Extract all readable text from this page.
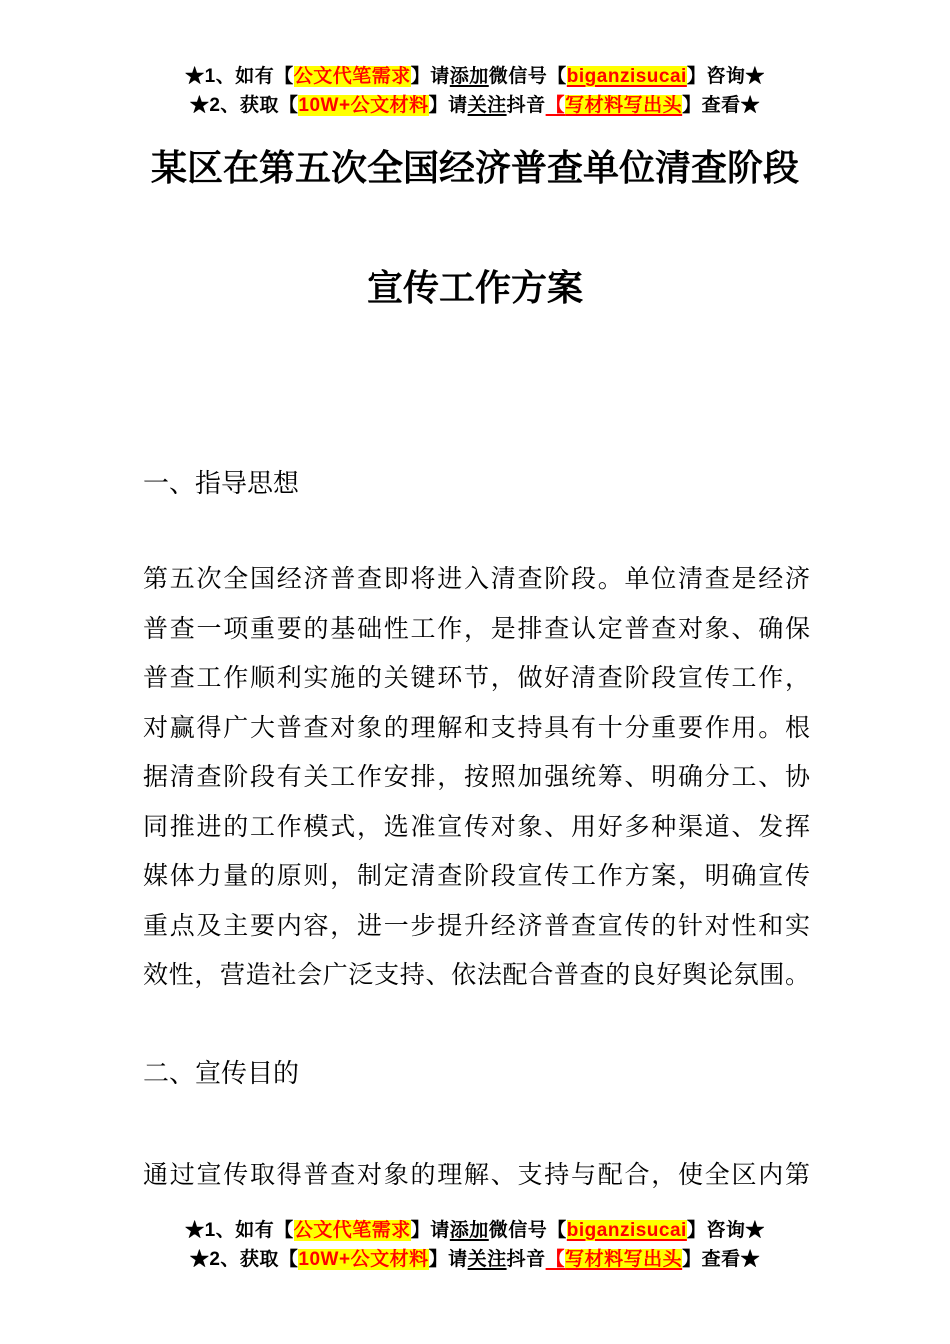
★1、如有【公文代笔需求】请添加微信号【biganzisucai】咨询★
★2、获取【10W+公文材料】请关注抖音【写材料写出头】查看★
某区在第五次全国经济普查单位清查阶段
宣传工作方案
一、指导思想
第五次全国经济普查即将进入清查阶段。单位清查是经济
普查一项重要的基础性工作，是排查认定普查对象、确保
普查工作顺利实施的关键环节，做好清查阶段宣传工作，
对赢得广大普查对象的理解和支持具有十分重要作用。根
据清查阶段有关工作安排，按照加强统筹、明确分工、协
同推进的工作模式，选准宣传对象、用好多种渠道、发挥
媒体力量的原则，制定清查阶段宣传工作方案，明确宣传
重点及主要内容，进一步提升经济普查宣传的针对性和实
效性，营造社会广泛支持、依法配合普查的良好舆论氛围。
二、宣传目的
通过宣传取得普查对象的理解、支持与配合，使全区内第
★1、如有【公文代笔需求】请添加微信号【biganzisucai】咨询★
★2、获取【10W+公文材料】请关注抖音【写材料写出头】查看★
